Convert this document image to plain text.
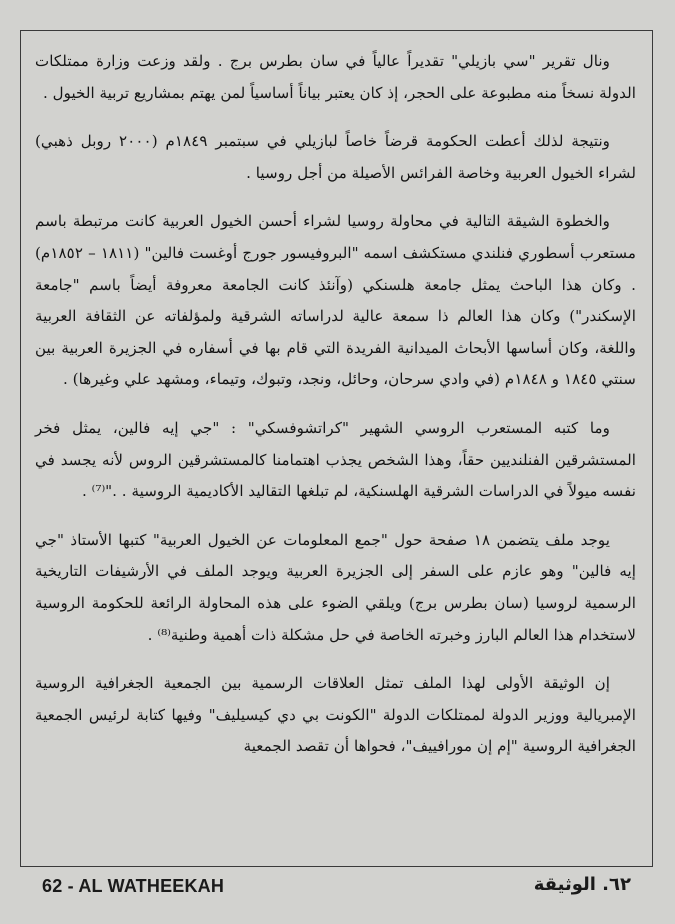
ونال تقرير "سي بازيلي" تقديراً عالياً في سان بطرس برج . ولقد وزعت وزارة ممتلكات الدولة نسخاً منه مطبوعة على الحجر، إذ كان يعتبر بياناً أساسياً لمن يهتم بمشاريع تربية الخيول .

ونتيجة لذلك أعطت الحكومة قرضاً خاصاً لبازيلي في سبتمبر ١٨٤٩م (٢٠٠٠ روبل ذهبي) لشراء الخيول العربية وخاصة الفرائس الأصيلة من أجل روسيا .

والخطوة الشيقة التالية في محاولة روسيا لشراء أحسن الخيول العربية كانت مرتبطة باسم مستعرب أسطوري فنلندي مستكشف اسمه "البروفيسور جورج أوغست فالين" (١٨١١ – ١٨٥٢م) . وكان هذا الباحث يمثل جامعة هلسنكي (وآنئذ كانت الجامعة معروفة أيضاً باسم "جامعة الإسكندر") وكان هذا العالم ذا سمعة عالية لدراساته الشرقية ولمؤلفاته عن الثقافة العربية واللغة، وكان أساسها الأبحاث الميدانية الفريدة التي قام بها في أسفاره في الجزيرة العربية بين سنتي ١٨٤٥ و ١٨٤٨م (في وادي سرحان، وحائل، ونجد، وتبوك، وتيماء، ومشهد علي وغيرها) .

وما كتبه المستعرب الروسي الشهير "كراتشوفسكي" : "جي إيه فالين، يمثل فخر المستشرقين الفنلنديين حقاً، وهذا الشخص يجذب اهتمامنا كالمستشرقين الروس لأنه يجسد في نفسه ميولاً في الدراسات الشرقية الهلسنكية، لم تبلغها التقاليد الأكاديمية الروسية . ."⁽⁷⁾ .

يوجد ملف يتضمن ١٨ صفحة حول "جمع المعلومات عن الخيول العربية" كتبها الأستاذ "جي إيه فالين" وهو عازم على السفر إلى الجزيرة العربية ويوجد الملف في الأرشيفات التاريخية الرسمية لروسيا (سان بطرس برج) ويلقي الضوء على هذه المحاولة الرائعة للحكومة الروسية لاستخدام هذا العالم البارز وخبرته الخاصة في حل مشكلة ذات أهمية وطنية⁽⁸⁾ .

إن الوثيقة الأولى لهذا الملف تمثل العلاقات الرسمية بين الجمعية الجغرافية الروسية الإمبريالية ووزير الدولة لممتلكات الدولة "الكونت بي دي كيسيليف" وفيها كتابة لرئيس الجمعية الجغرافية الروسية "إم إن مورافييف"، فحواها أن تقصد الجمعية

62 - AL WATHEEKAH	٦٢. الوثيقة
